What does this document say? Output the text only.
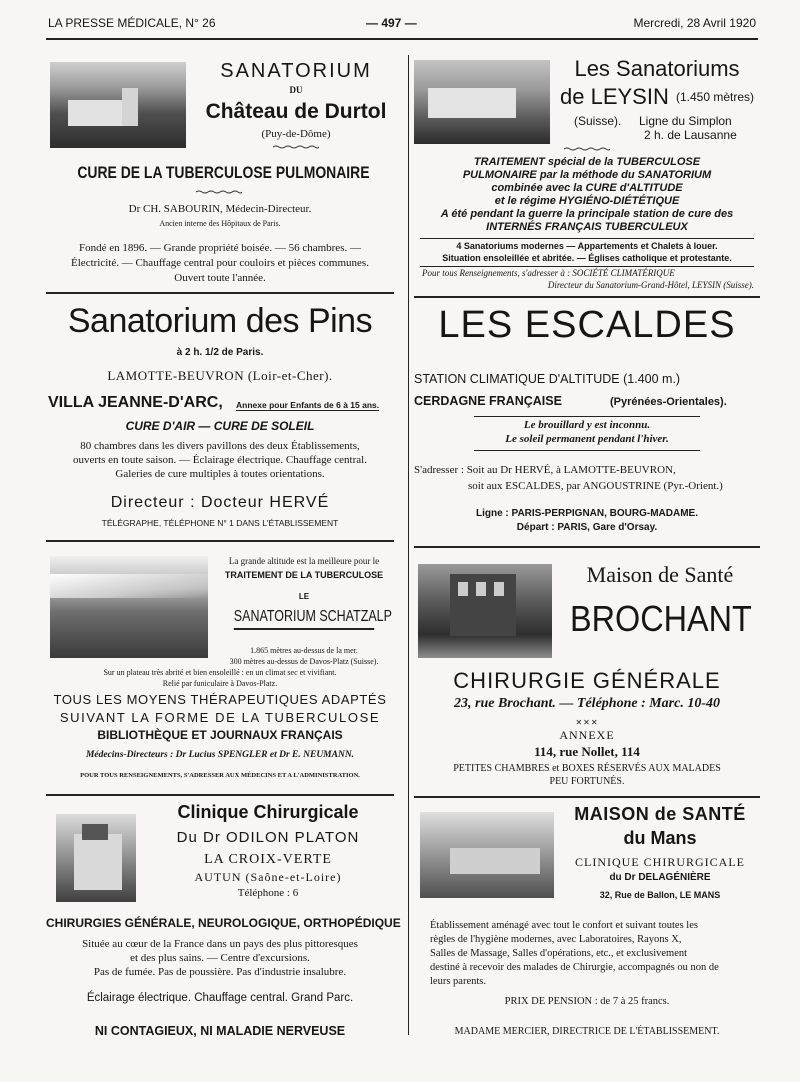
LA PRESSE MÉDICALE, N° 26	— 497 —	Mercredi, 28 Avril 1920
SANATORIUM
DU
Château de Durtol
(Puy-de-Dôme)
CURE DE LA TUBERCULOSE PULMONAIRE
Dr CH. SABOURIN, Médecin-Directeur.
Ancien interne des Hôpitaux de Paris.
Fondé en 1896. — Grande propriété boisée. — 56 chambres. —
Électricité. — Chauffage central pour couloirs et pièces communes.
Ouvert toute l'année.
Les Sanatoriums
de LEYSIN (1.450 mètres)
(Suisse). Ligne du Simplon
2 h. de Lausanne
TRAITEMENT spécial de la TUBERCULOSE
PULMONAIRE par la méthode du SANATORIUM
combinée avec la CURE d'ALTITUDE
et le régime HYGIÉNO-DIÉTÉTIQUE
A été pendant la guerre la principale station de cure des
INTERNÉS FRANÇAIS TUBERCULEUX
4 Sanatoriums modernes — Appartements et Chalets à louer.
Situation ensoleillée et abritée. — Églises catholique et protestante.
Pour tous Renseignements, s'adresser à : SOCIÉTÉ CLIMATÉRIQUE
Directeur du Sanatorium-Grand-Hôtel, LEYSIN (Suisse).
Sanatorium des Pins
à 2 h. 1/2 de Paris.
LAMOTTE-BEUVRON (Loir-et-Cher).
VILLA JEANNE-D'ARC, Annexe pour Enfants de 6 à 15 ans.
CURE D'AIR — CURE DE SOLEIL
80 chambres dans les divers pavillons des deux Établissements,
ouverts en toute saison. — Éclairage électrique. Chauffage central.
Galeries de cure multiples à toutes orientations.
Directeur : Docteur HERVÉ
TÉLÉGRAPHE, TÉLÉPHONE N° 1 DANS L'ÉTABLISSEMENT
LES ESCALDES
STATION CLIMATIQUE D'ALTITUDE (1.400 m.)
CERDAGNE FRANÇAISE	(Pyrénées-Orientales).
Le brouillard y est inconnu.
Le soleil permanent pendant l'hiver.
S'adresser : Soit au Dr HERVÉ, à LAMOTTE-BEUVRON,
soit aux ESCALDES, par ANGOUSTRINE (Pyr.-Orient.)
Ligne : PARIS-PERPIGNAN, BOURG-MADAME.
Départ : PARIS, Gare d'Orsay.
La grande altitude est la meilleure pour le
TRAITEMENT DE LA TUBERCULOSE
LE
SANATORIUM SCHATZALP
1.865 mètres au-dessus de la mer.
300 mètres au-dessus de Davos-Platz (Suisse).
Sur un plateau très abrité et bien ensoleillé : en un climat sec et vivifiant.
Relié par funiculaire à Davos-Platz.
TOUS LES MOYENS THÉRAPEUTIQUES ADAPTÉS
SUIVANT LA FORME DE LA TUBERCULOSE
BIBLIOTHÈQUE ET JOURNAUX FRANÇAIS
Médecins-Directeurs : Dr Lucius SPENGLER et Dr E. NEUMANN.
POUR TOUS RENSEIGNEMENTS, S'ADRESSER AUX MÉDECINS ET A L'ADMINISTRATION.
Maison de Santé
BROCHANT
CHIRURGIE GÉNÉRALE
23, rue Brochant. — Téléphone : Marc. 10-40
✕✕✕
ANNEXE
114, rue Nollet, 114
PETITES CHAMBRES et BOXES RÉSERVÉS AUX MALADES
PEU FORTUNÉS.
Clinique Chirurgicale
Du Dr ODILON PLATON
LA CROIX-VERTE
AUTUN (Saône-et-Loire)
Téléphone : 6
CHIRURGIES GÉNÉRALE, NEUROLOGIQUE, ORTHOPÉDIQUE
Située au cœur de la France dans un pays des plus pittoresques
et des plus sains. — Centre d'excursions.
Pas de fumée. Pas de poussière. Pas d'industrie insalubre.
Éclairage électrique. Chauffage central. Grand Parc.
NI CONTAGIEUX, NI MALADIE NERVEUSE
MAISON de SANTÉ
du Mans
CLINIQUE CHIRURGICALE
du Dr DELAGÉNIÈRE
32, Rue de Ballon, LE MANS
Établissement aménagé avec tout le confort et suivant toutes les
règles de l'hygiène modernes, avec Laboratoires, Rayons X,
Salles de Massage, Salles d'opérations, etc., et exclusivement
destiné à recevoir des malades de Chirurgie, accompagnés ou non de
leurs parents.
PRIX DE PENSION : de 7 à 25 francs.
MADAME MERCIER, DIRECTRICE DE L'ÉTABLISSEMENT.
